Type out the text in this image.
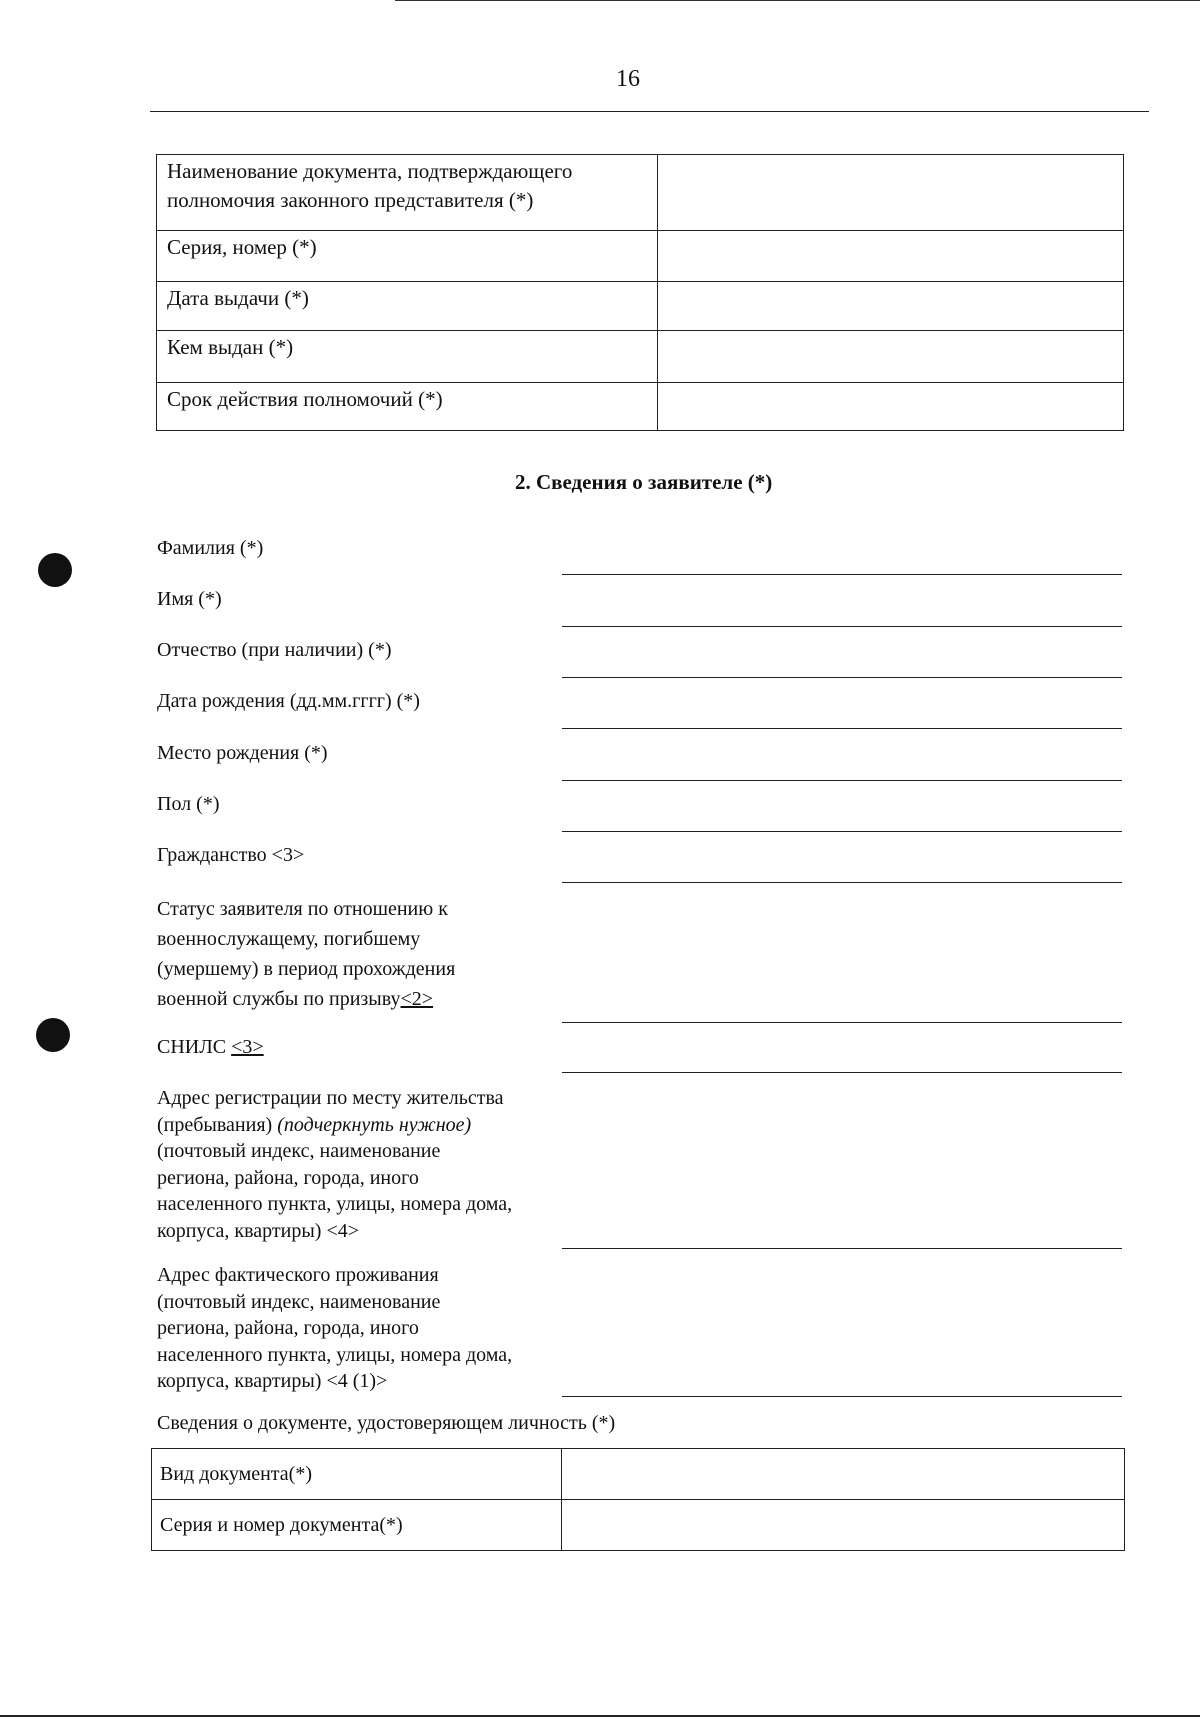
16
Наименование документа, подтверждающего полномочия законного представителя (*)	
Серия, номер (*)	
Дата выдачи (*)	
Кем выдан (*)	
Срок действия полномочий (*)	
2. Сведения о заявителе (*)
Фамилия (*)
Имя (*)
Отчество (при наличии) (*)
Дата рождения (дд.мм.гггг) (*)
Место рождения (*)
Пол (*)
Гражданство <3>
Статус заявителя по отношению к
военнослужащему, погибшему
(умершему) в период прохождения
военной службы по призыву<2>
СНИЛС <3>
Адрес регистрации по месту жительства
(пребывания) (подчеркнуть нужное)
(почтовый индекс, наименование
региона, района, города, иного
населенного пункта, улицы, номера дома,
корпуса, квартиры) <4>
Адрес фактического проживания
(почтовый индекс, наименование
региона, района, города, иного
населенного пункта, улицы, номера дома,
корпуса, квартиры) <4 (1)>
Сведения о документе, удостоверяющем личность (*)
Вид документа(*)	
Серия и номер документа(*)	
